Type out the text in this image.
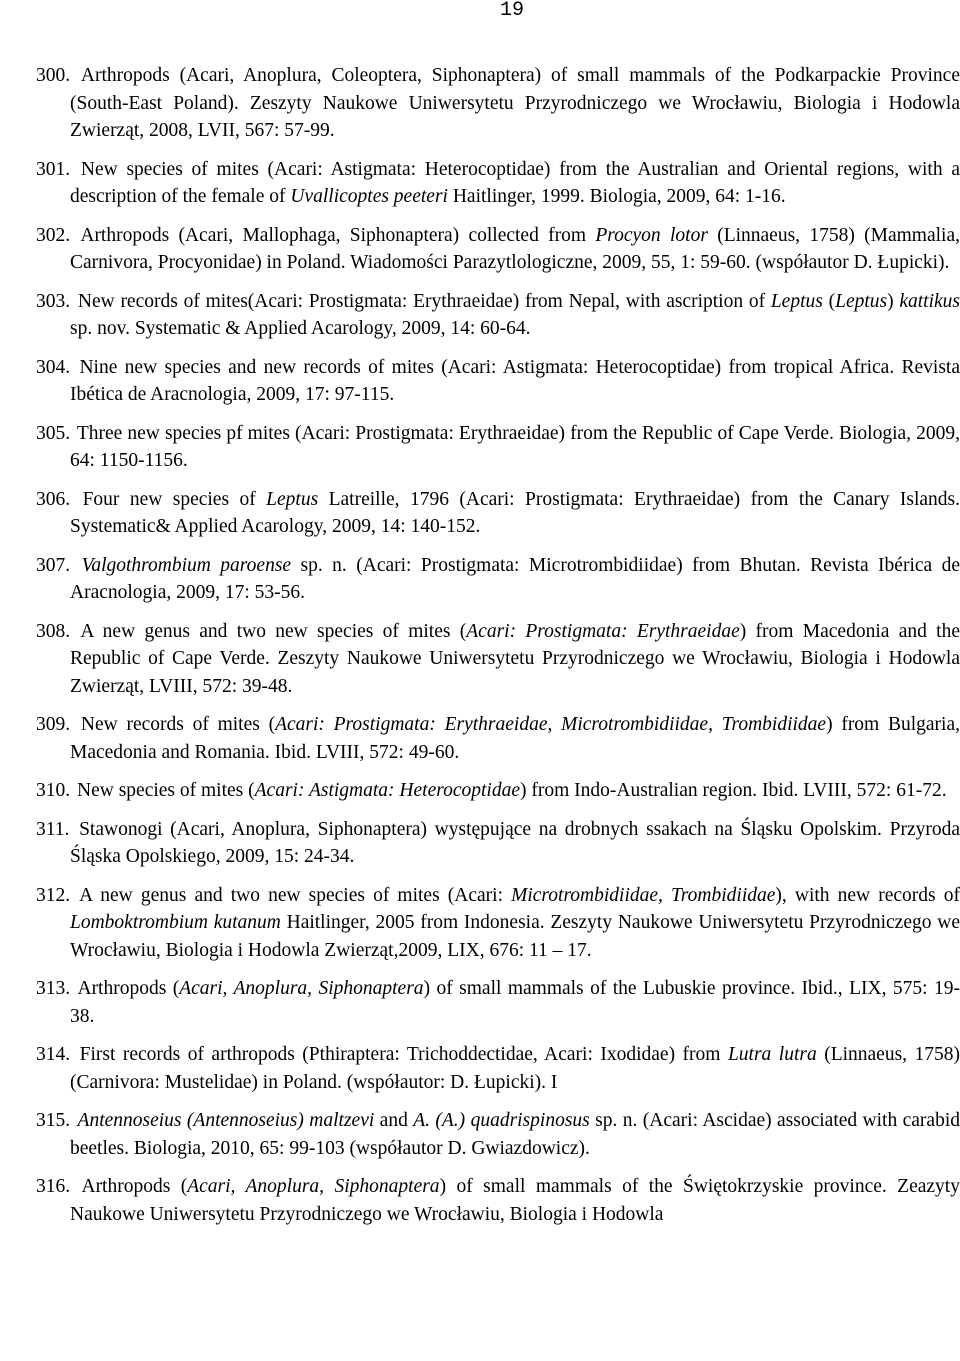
19

300. Arthropods (Acari, Anoplura, Coleoptera, Siphonaptera) of small mammals of the Podkarpackie Province (South-East Poland). Zeszyty Naukowe Uniwersytetu Przyrodniczego we Wrocławiu, Biologia i Hodowla Zwierząt, 2008, LVII, 567: 57-99.

301. New species of mites (Acari: Astigmata: Heterocoptidae) from the Australian and Oriental regions, with a description of the female of Uvallicoptes peeteri Haitlinger, 1999. Biologia, 2009, 64: 1-16.

302. Arthropods (Acari, Mallophaga, Siphonaptera) collected from Procyon lotor (Linnaeus, 1758) (Mammalia, Carnivora, Procyonidae) in Poland. Wiadomości Parazytlologiczne, 2009, 55, 1: 59-60. (współautor D. Łupicki).

303. New records of mites(Acari: Prostigmata: Erythraeidae) from Nepal, with ascription of Leptus (Leptus) kattikus sp. nov. Systematic & Applied Acarology, 2009, 14: 60-64.

304. Nine new species and new records of mites (Acari: Astigmata: Heterocoptidae) from tropical Africa. Revista Ibética de Aracnologia, 2009, 17: 97-115.

305. Three new species pf mites (Acari: Prostigmata: Erythraeidae) from the Republic of Cape Verde. Biologia, 2009, 64: 1150-1156.

306. Four new species of Leptus Latreille, 1796 (Acari: Prostigmata: Erythraeidae) from the Canary Islands. Systematic& Applied Acarology, 2009, 14: 140-152.

307. Valgothrombium paroense sp. n. (Acari: Prostigmata: Microtrombidiidae) from Bhutan. Revista Ibérica de Aracnologia, 2009, 17: 53-56.

308. A new genus and two new species of mites (Acari: Prostigmata: Erythraeidae) from Macedonia and the Republic of Cape Verde. Zeszyty Naukowe Uniwersytetu Przyrodniczego we Wrocławiu, Biologia i Hodowla Zwierząt, LVIII, 572: 39-48.

309. New records of mites (Acari: Prostigmata: Erythraeidae, Microtrombidiidae, Trombidiidae) from Bulgaria, Macedonia and Romania. Ibid. LVIII, 572: 49-60.

310. New species of mites (Acari: Astigmata: Heterocoptidae) from Indo-Australian region. Ibid. LVIII, 572: 61-72.

311. Stawonogi (Acari, Anoplura, Siphonaptera) występujące na drobnych ssakach na Śląsku Opolskim. Przyroda Śląska Opolskiego, 2009, 15: 24-34.

312. A new genus and two new species of mites (Acari: Microtrombidiidae, Trombidiidae), with new records of Lomboktrombium kutanum Haitlinger, 2005 from Indonesia. Zeszyty Naukowe Uniwersytetu Przyrodniczego we Wrocławiu, Biologia i Hodowla Zwierząt,2009, LIX, 676: 11 – 17.

313. Arthropods (Acari, Anoplura, Siphonaptera) of small mammals of the Lubuskie province. Ibid., LIX, 575: 19-38.

314. First records of arthropods (Pthiraptera: Trichoddectidae, Acari: Ixodidae) from Lutra lutra (Linnaeus, 1758) (Carnivora: Mustelidae) in Poland. (współautor: D. Łupicki). I

315. Antennoseius (Antennoseius) maltzevi and A. (A.) quadrispinosus sp. n. (Acari: Ascidae) associated with carabid beetles. Biologia, 2010, 65: 99-103 (współautor D. Gwiazdowicz).

316. Arthropods (Acari, Anoplura, Siphonaptera) of small mammals of the Świętokrzyskie province. Zeazyty Naukowe Uniwersytetu Przyrodniczego we Wrocławiu, Biologia i Hodowla
